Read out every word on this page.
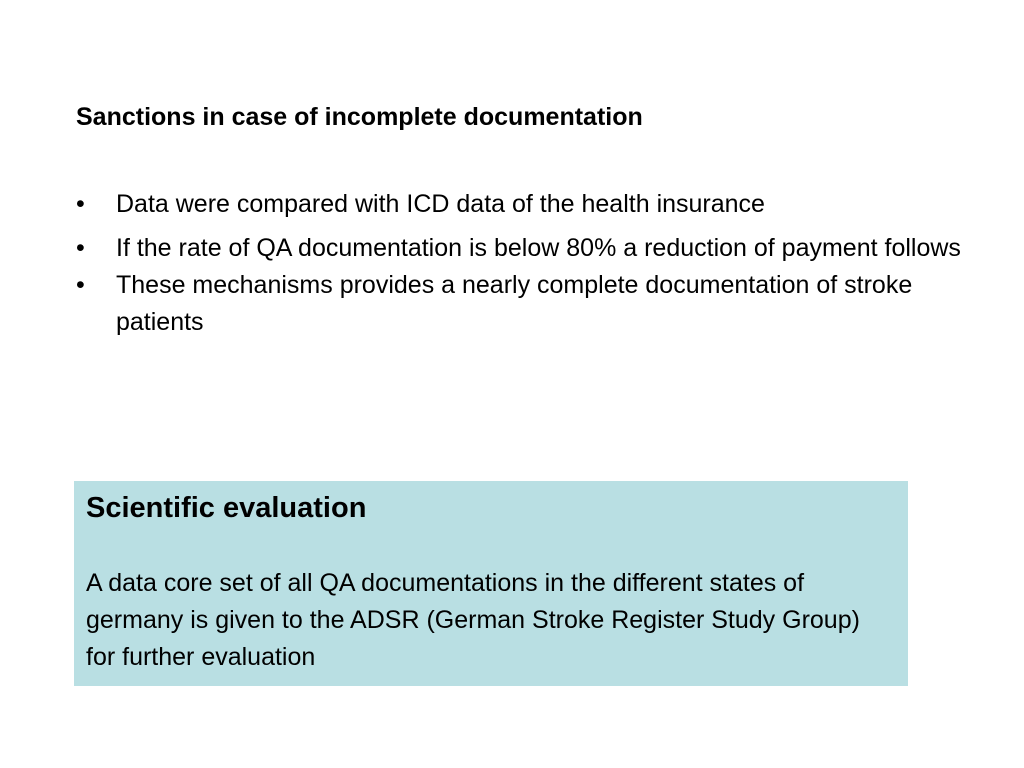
Sanctions in case of incomplete documentation
•	Data were compared with ICD data of the health insurance
•	If the rate of QA documentation is below 80% a reduction of payment follows
•	These mechanisms provides a nearly complete documentation of stroke patients

Scientific evaluation

A data core set of all QA documentations in the different states of germany is given to the ADSR (German Stroke Register Study Group) for further evaluation
